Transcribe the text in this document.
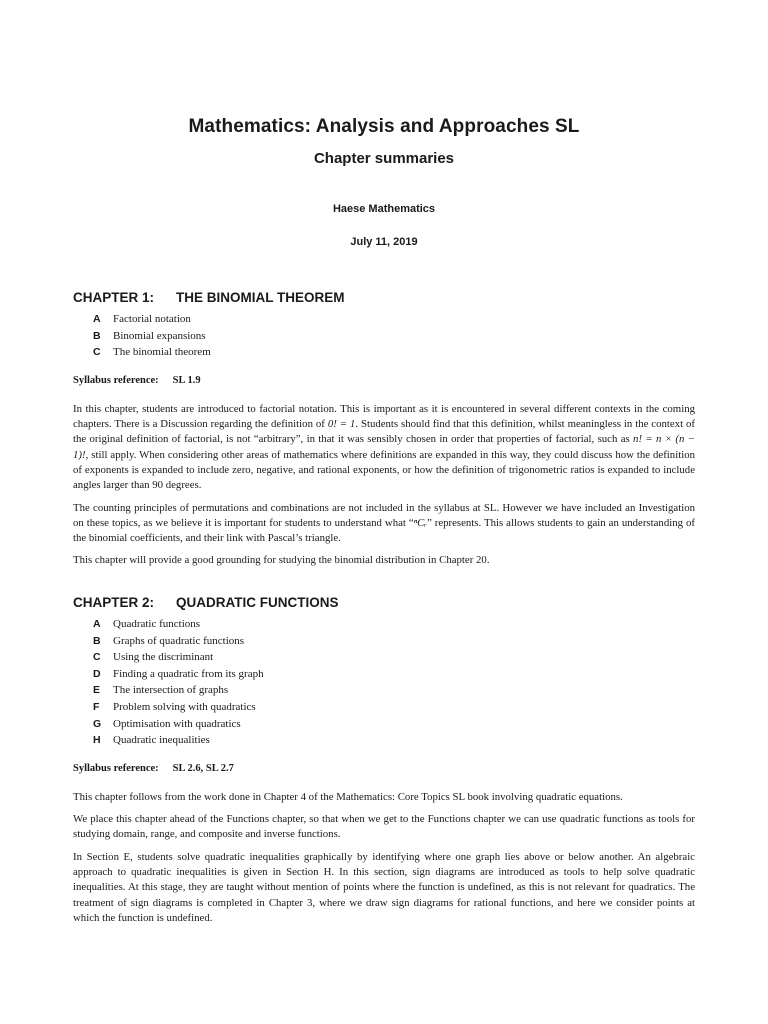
Mathematics: Analysis and Approaches SL
Chapter summaries
Haese Mathematics
July 11, 2019
CHAPTER 1: THE BINOMIAL THEOREM
A	Factorial notation
B	Binomial expansions
C	The binomial theorem
Syllabus reference: SL 1.9

In this chapter, students are introduced to factorial notation. This is important as it is encountered in several different contexts in the coming chapters. There is a Discussion regarding the definition of 0! = 1. Students should find that this definition, whilst meaningless in the context of the original definition of factorial, is not “arbitrary”, in that it was sensibly chosen in order that properties of factorial, such as n! = n × (n − 1)!, still apply. When considering other areas of mathematics where definitions are expanded in this way, they could discuss how the definition of exponents is expanded to include zero, negative, and rational exponents, or how the definition of trigonometric ratios is expanded to include angles larger than 90 degrees.

The counting principles of permutations and combinations are not included in the syllabus at SL. However we have included an Investigation on these topics, as we believe it is important for students to understand what “ⁿCᵣ” represents. This allows students to gain an understanding of the binomial coefficients, and their link with Pascal’s triangle.

This chapter will provide a good grounding for studying the binomial distribution in Chapter 20.

CHAPTER 2: QUADRATIC FUNCTIONS
A	Quadratic functions
B	Graphs of quadratic functions
C	Using the discriminant
D	Finding a quadratic from its graph
E	The intersection of graphs
F	Problem solving with quadratics
G	Optimisation with quadratics
H	Quadratic inequalities
Syllabus reference: SL 2.6, SL 2.7

This chapter follows from the work done in Chapter 4 of the Mathematics: Core Topics SL book involving quadratic equations.

We place this chapter ahead of the Functions chapter, so that when we get to the Functions chapter we can use quadratic functions as tools for studying domain, range, and composite and inverse functions.

In Section E, students solve quadratic inequalities graphically by identifying where one graph lies above or below another. An algebraic approach to quadratic inequalities is given in Section H. In this section, sign diagrams are introduced as tools to help solve quadratic inequalities. At this stage, they are taught without mention of points where the function is undefined, as this is not relevant for quadratics. The treatment of sign diagrams is completed in Chapter 3, where we draw sign diagrams for rational functions, and here we consider points at which the function is undefined.
